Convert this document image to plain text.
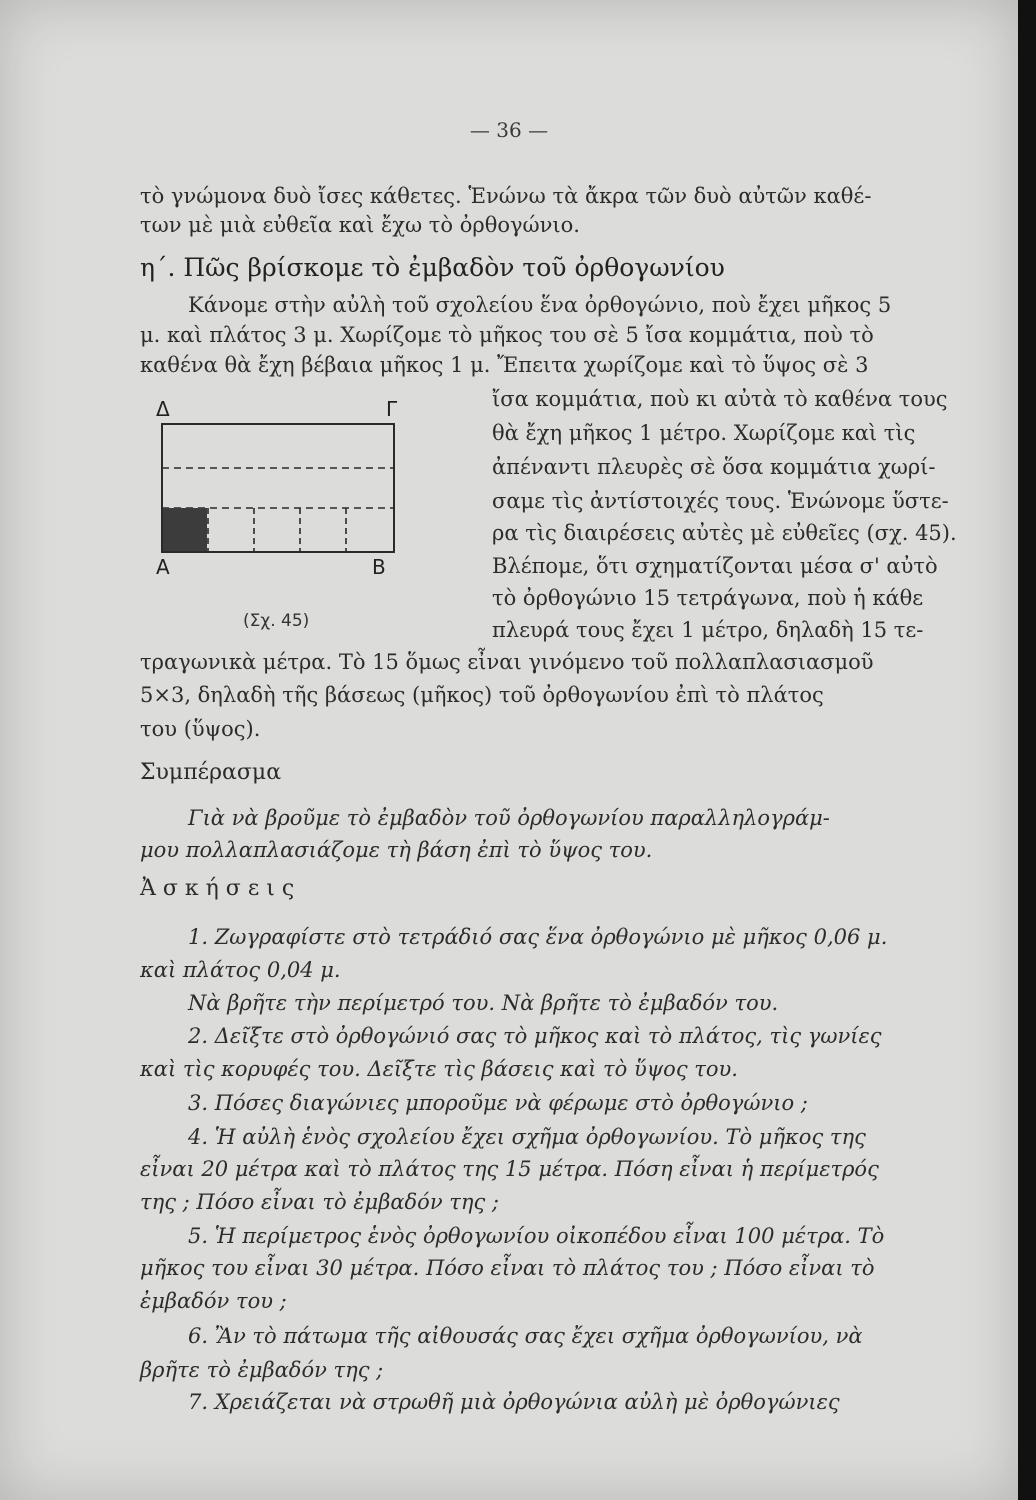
— 36 —
τὸ γνώμονα δυὸ ἴσες κάθετες. Ἑνώνω τὰ ἄκρα τῶν δυὸ αὐτῶν καθέ-
των μὲ μιὰ εὐθεῖα καὶ ἔχω τὸ ὀρθογώνιο.
η΄. Πῶς βρίσκομε τὸ ἐμβαδὸν τοῦ ὀρθογωνίου
Κάνομε στὴν αὐλὴ τοῦ σχολείου ἕνα ὀρθογώνιο, ποὺ ἔχει μῆκος 5
μ. καὶ πλάτος 3 μ. Χωρίζομε τὸ μῆκος του σὲ 5 ἴσα κομμάτια, ποὺ τὸ
καθένα θὰ ἔχη βέβαια μῆκος 1 μ. Ἔπειτα χωρίζομε καὶ τὸ ὕψος σὲ 3
ἴσα κομμάτια, ποὺ κι αὐτὰ τὸ καθένα τους
θὰ ἔχη μῆκος 1 μέτρο. Χωρίζομε καὶ τὶς
ἀπέναντι πλευρὲς σὲ ὅσα κομμάτια χωρί-
σαμε τὶς ἀντίστοιχές τους. Ἑνώνομε ὕστε-
ρα τὶς διαιρέσεις αὐτὲς μὲ εὐθεῖες (σχ. 45).
Βλέπομε, ὅτι σχηματίζονται μέσα σ' αὐτὸ
τὸ ὀρθογώνιο 15 τετράγωνα, ποὺ ἡ κάθε
πλευρά τους ἔχει 1 μέτρο, δηλαδὴ 15 τε-
Δ	Γ
Α	Β
(Σχ. 45)
τραγωνικὰ μέτρα. Τὸ 15 ὅμως εἶναι γινόμενο τοῦ πολλαπλασιασμοῦ
5×3, δηλαδὴ τῆς βάσεως (μῆκος) τοῦ ὀρθογωνίου ἐπὶ τὸ πλάτος
του (ὕψος).
Συμπέρασμα
Γιὰ νὰ βροῦμε τὸ ἐμβαδὸν τοῦ ὀρθογωνίου παραλληλογράμ-
μου πολλαπλασιάζομε τὴ βάση ἐπὶ τὸ ὕψος του.
Ἀ σ κ ή σ ε ι ς
1. Ζωγραφίστε στὸ τετράδιό σας ἕνα ὀρθογώνιο μὲ μῆκος 0,06 μ.
καὶ πλάτος 0,04 μ.
Νὰ βρῆτε τὴν περίμετρό του. Νὰ βρῆτε τὸ ἐμβαδόν του.
2. Δεῖξτε στὸ ὀρθογώνιό σας τὸ μῆκος καὶ τὸ πλάτος, τὶς γωνίες
καὶ τὶς κορυφές του. Δεῖξτε τὶς βάσεις καὶ τὸ ὕψος του.
3. Πόσες διαγώνιες μποροῦμε νὰ φέρωμε στὸ ὀρθογώνιο ;
4. Ἡ αὐλὴ ἑνὸς σχολείου ἔχει σχῆμα ὀρθογωνίου. Τὸ μῆκος της
εἶναι 20 μέτρα καὶ τὸ πλάτος της 15 μέτρα. Πόση εἶναι ἡ περίμετρός
της ; Πόσο εἶναι τὸ ἐμβαδόν της ;
5. Ἡ περίμετρος ἑνὸς ὀρθογωνίου οἰκοπέδου εἶναι 100 μέτρα. Τὸ
μῆκος του εἶναι 30 μέτρα. Πόσο εἶναι τὸ πλάτος του ; Πόσο εἶναι τὸ
ἐμβαδόν του ;
6. Ἂν τὸ πάτωμα τῆς αἰθουσάς σας ἔχει σχῆμα ὀρθογωνίου, νὰ
βρῆτε τὸ ἐμβαδόν της ;
7. Χρειάζεται νὰ στρωθῆ μιὰ ὀρθογώνια αὐλὴ μὲ ὀρθογώνιες
